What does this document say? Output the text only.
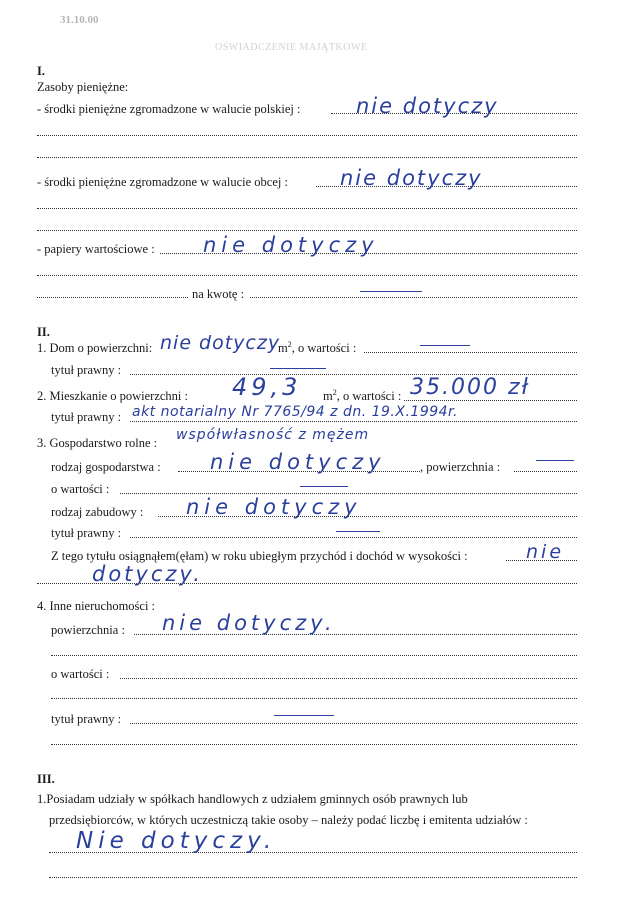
31.10.00
OŚWIADCZENIE MAJĄTKOWE
I.
Zasoby pieniężne:
- środki pieniężne zgromadzone w walucie polskiej :	nie dotyczy
- środki pieniężne zgromadzone w walucie obcej : nie dotyczy
- papiery wartościowe : nie dotyczy
na kwotę :
II.
1. Dom o powierzchni: nie dotyczy
$m^2$, o wartości :
tytuł prawny :
2. Mieszkanie o powierzchni : 49,3 $m^2$, o wartości : 35.000 zł
tytuł prawny : akt notarialny Nr 7765/94 z dn. 19.X.1994r.
współwłasność z mężem
3. Gospodarstwo rolne :
rodzaj gospodarstwa : nie dotyczy	, powierzchnia :
o wartości :
rodzaj zabudowy : nie dotyczy
tytuł prawny :
Z tego tytułu osiągnąłem(ęłam) w roku ubiegłym przychód i dochód w wysokości :	nie
dotyczy.
4. Inne nieruchomości :
powierzchnia : nie dotyczy.
o wartości :
tytuł prawny :
III.
1.Posiadam udziały w spółkach handlowych z udziałem gminnych osób prawnych lub
przedsiębiorców, w których uczestniczą takie osoby – należy podać liczbę i emitenta udziałów :
Nie dotyczy.
